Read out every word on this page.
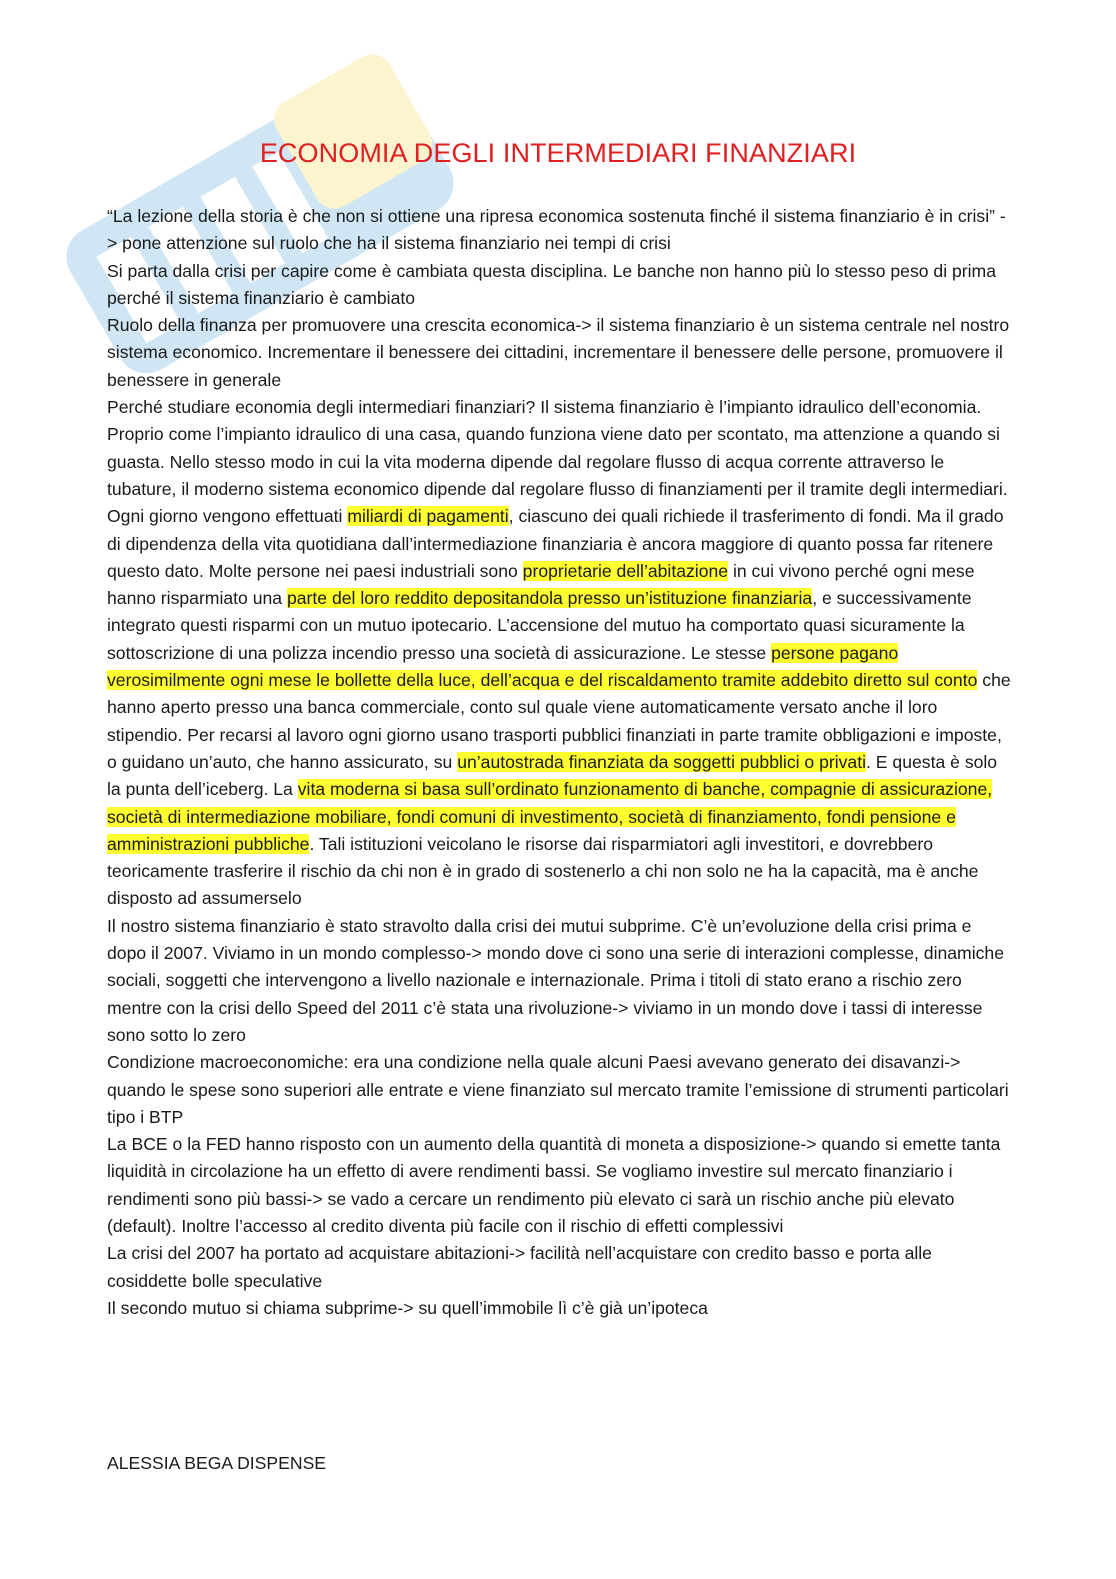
ECONOMIA DEGLI INTERMEDIARI FINANZIARI

“La lezione della storia è che non si ottiene una ripresa economica sostenuta finché il sistema finanziario è in crisi” -> pone attenzione sul ruolo che ha il sistema finanziario nei tempi di crisi

Si parta dalla crisi per capire come è cambiata questa disciplina. Le banche non hanno più lo stesso peso di prima perché il sistema finanziario è cambiato

Ruolo della finanza per promuovere una crescita economica-> il sistema finanziario è un sistema centrale nel nostro sistema economico. Incrementare il benessere dei cittadini, incrementare il benessere delle persone, promuovere il benessere in generale

Perché studiare economia degli intermediari finanziari? Il sistema finanziario è l’impianto idraulico dell’economia. Proprio come l’impianto idraulico di una casa, quando funziona viene dato per scontato, ma attenzione a quando si guasta. Nello stesso modo in cui la vita moderna dipende dal regolare flusso di acqua corrente attraverso le tubature, il moderno sistema economico dipende dal regolare flusso di finanziamenti per il tramite degli intermediari. Ogni giorno vengono effettuati miliardi di pagamenti, ciascuno dei quali richiede il trasferimento di fondi. Ma il grado di dipendenza della vita quotidiana dall’intermediazione finanziaria è ancora maggiore di quanto possa far ritenere questo dato. Molte persone nei paesi industriali sono proprietarie dell’abitazione in cui vivono perché ogni mese hanno risparmiato una parte del loro reddito depositandola presso un’istituzione finanziaria, e successivamente integrato questi risparmi con un mutuo ipotecario. L’accensione del mutuo ha comportato quasi sicuramente la sottoscrizione di una polizza incendio presso una società di assicurazione. Le stesse persone pagano verosimilmente ogni mese le bollette della luce, dell’acqua e del riscaldamento tramite addebito diretto sul conto che hanno aperto presso una banca commerciale, conto sul quale viene automaticamente versato anche il loro stipendio. Per recarsi al lavoro ogni giorno usano trasporti pubblici finanziati in parte tramite obbligazioni e imposte, o guidano un’auto, che hanno assicurato, su un’autostrada finanziata da soggetti pubblici o privati. E questa è solo la punta dell’iceberg. La vita moderna si basa sull’ordinato funzionamento di banche, compagnie di assicurazione, società di intermediazione mobiliare, fondi comuni di investimento, società di finanziamento, fondi pensione e amministrazioni pubbliche. Tali istituzioni veicolano le risorse dai risparmiatori agli investitori, e dovrebbero teoricamente trasferire il rischio da chi non è in grado di sostenerlo a chi non solo ne ha la capacità, ma è anche disposto ad assumerselo

Il nostro sistema finanziario è stato stravolto dalla crisi dei mutui subprime. C’è un’evoluzione della crisi prima e dopo il 2007. Viviamo in un mondo complesso-> mondo dove ci sono una serie di interazioni complesse, dinamiche sociali, soggetti che intervengono a livello nazionale e internazionale. Prima i titoli di stato erano a rischio zero mentre con la crisi dello Speed del 2011 c’è stata una rivoluzione-> viviamo in un mondo dove i tassi di interesse sono sotto lo zero

Condizione macroeconomiche: era una condizione nella quale alcuni Paesi avevano generato dei disavanzi-> quando le spese sono superiori alle entrate e viene finanziato sul mercato tramite l’emissione di strumenti particolari tipo i BTP

La BCE o la FED hanno risposto con un aumento della quantità di moneta a disposizione-> quando si emette tanta liquidità in circolazione ha un effetto di avere rendimenti bassi. Se vogliamo investire sul mercato finanziario i rendimenti sono più bassi-> se vado a cercare un rendimento più elevato ci sarà un rischio anche più elevato (default). Inoltre l’accesso al credito diventa più facile con il rischio di effetti complessivi

La crisi del 2007 ha portato ad acquistare abitazioni-> facilità nell’acquistare con credito basso e porta alle cosiddette bolle speculative

Il secondo mutuo si chiama subprime-> su quell’immobile lì c’è già un’ipoteca

ALESSIA BEGA DISPENSE
